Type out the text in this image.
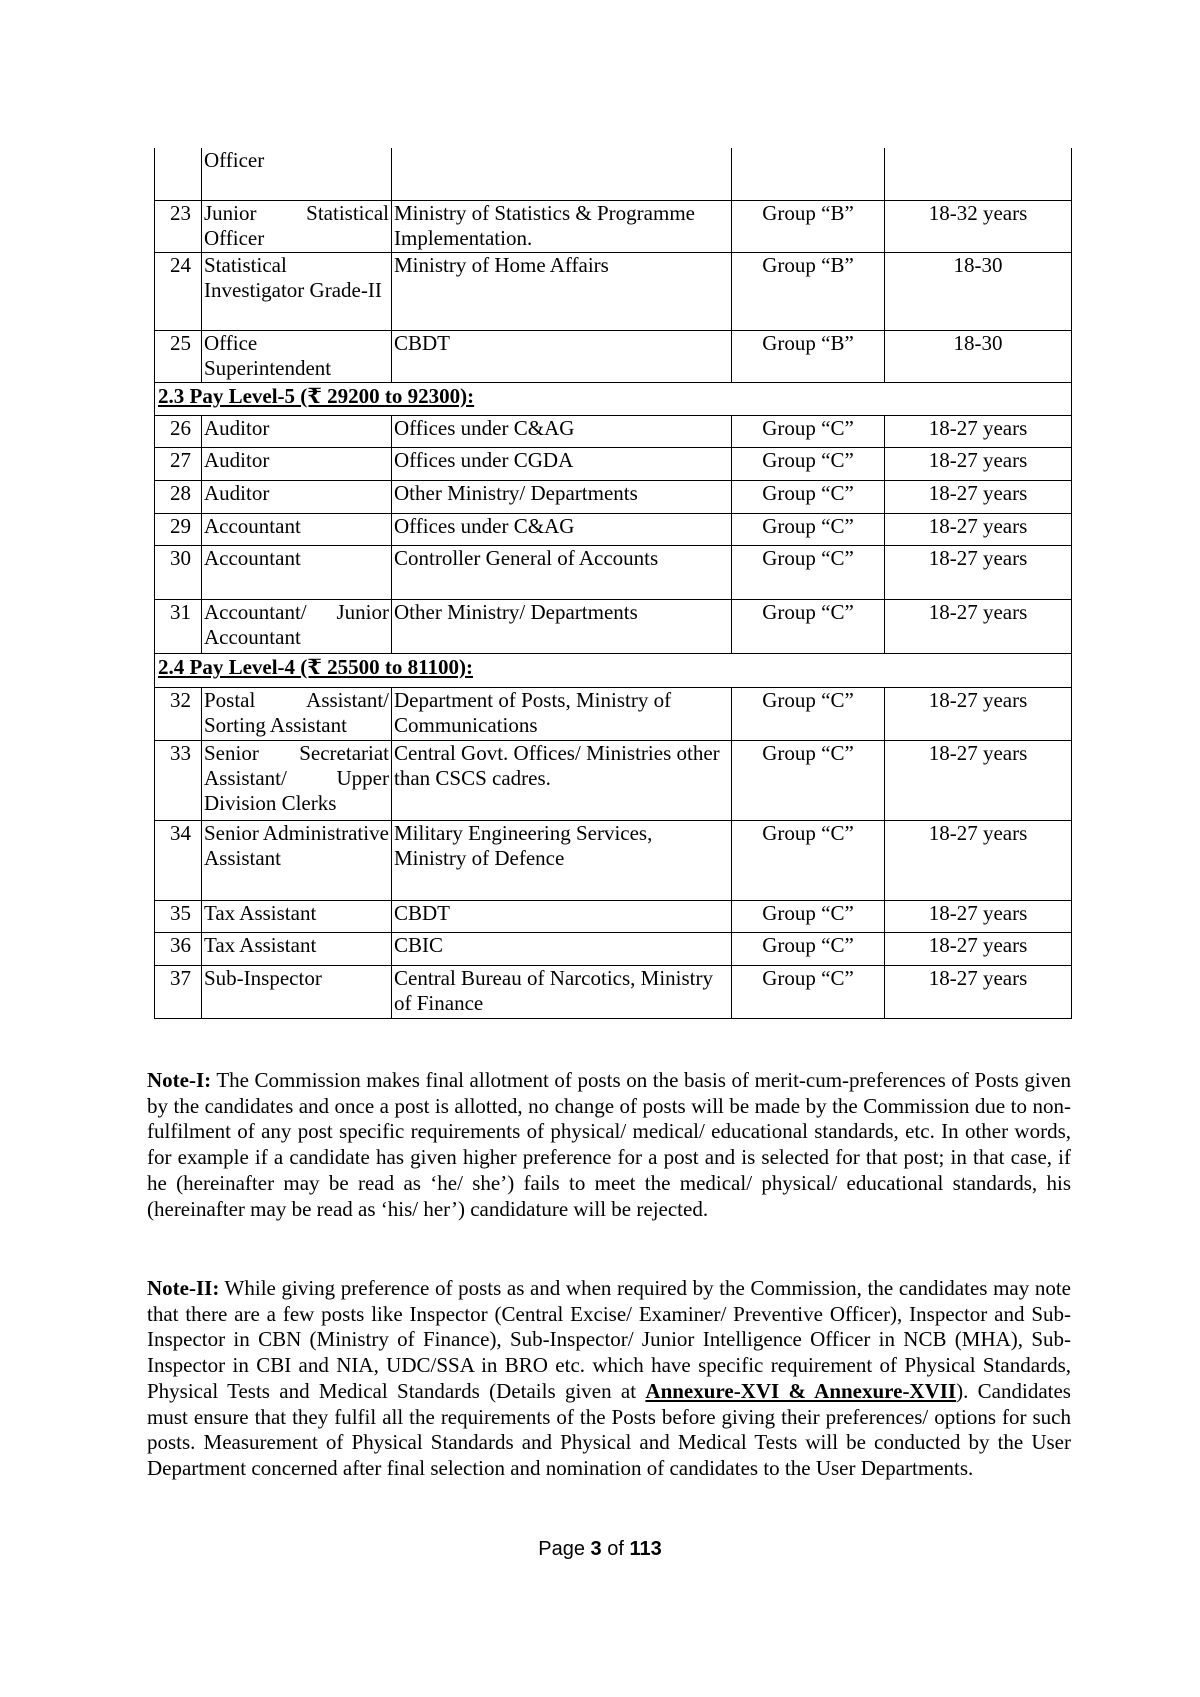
	Officer			
23	Junior Statistical Officer	Ministry of Statistics & Programme Implementation.	Group “B”	18-32 years
24	Statistical Investigator Grade-II	Ministry of Home Affairs	Group “B”	18-30
25	Office Superintendent	CBDT	Group “B”	18-30
2.3 Pay Level-5 (₹ 29200 to 92300):				
26	Auditor	Offices under C&AG	Group “C”	18-27 years
27	Auditor	Offices under CGDA	Group “C”	18-27 years
28	Auditor	Other Ministry/ Departments	Group “C”	18-27 years
29	Accountant	Offices under C&AG	Group “C”	18-27 years
30	Accountant	Controller General of Accounts	Group “C”	18-27 years
31	Accountant/ Junior Accountant	Other Ministry/ Departments	Group “C”	18-27 years
2.4 Pay Level-4 (₹ 25500 to 81100):				
32	Postal Assistant/ Sorting Assistant	Department of Posts, Ministry of Communications	Group “C”	18-27 years
33	Senior Secretariat Assistant/ Upper Division Clerks	Central Govt. Offices/ Ministries other than CSCS cadres.	Group “C”	18-27 years
34	Senior Administrative Assistant	Military Engineering Services, Ministry of Defence	Group “C”	18-27 years
35	Tax Assistant	CBDT	Group “C”	18-27 years
36	Tax Assistant	CBIC	Group “C”	18-27 years
37	Sub-Inspector	Central Bureau of Narcotics, Ministry of Finance	Group “C”	18-27 years
Note-I: The Commission makes final allotment of posts on the basis of merit-cum-preferences of Posts given by the candidates and once a post is allotted, no change of posts will be made by the Commission due to non-fulfilment of any post specific requirements of physical/ medical/ educational standards, etc. In other words, for example if a candidate has given higher preference for a post and is selected for that post; in that case, if he (hereinafter may be read as ‘he/ she’) fails to meet the medical/ physical/ educational standards, his (hereinafter may be read as ‘his/ her’) candidature will be rejected.
Note-II: While giving preference of posts as and when required by the Commission, the candidates may note that there are a few posts like Inspector (Central Excise/ Examiner/ Preventive Officer), Inspector and Sub-Inspector in CBN (Ministry of Finance), Sub-Inspector/ Junior Intelligence Officer in NCB (MHA), Sub-Inspector in CBI and NIA, UDC/SSA in BRO etc. which have specific requirement of Physical Standards, Physical Tests and Medical Standards (Details given at Annexure-XVI & Annexure-XVII). Candidates must ensure that they fulfil all the requirements of the Posts before giving their preferences/ options for such posts. Measurement of Physical Standards and Physical and Medical Tests will be conducted by the User Department concerned after final selection and nomination of candidates to the User Departments.
Page 3 of 113
